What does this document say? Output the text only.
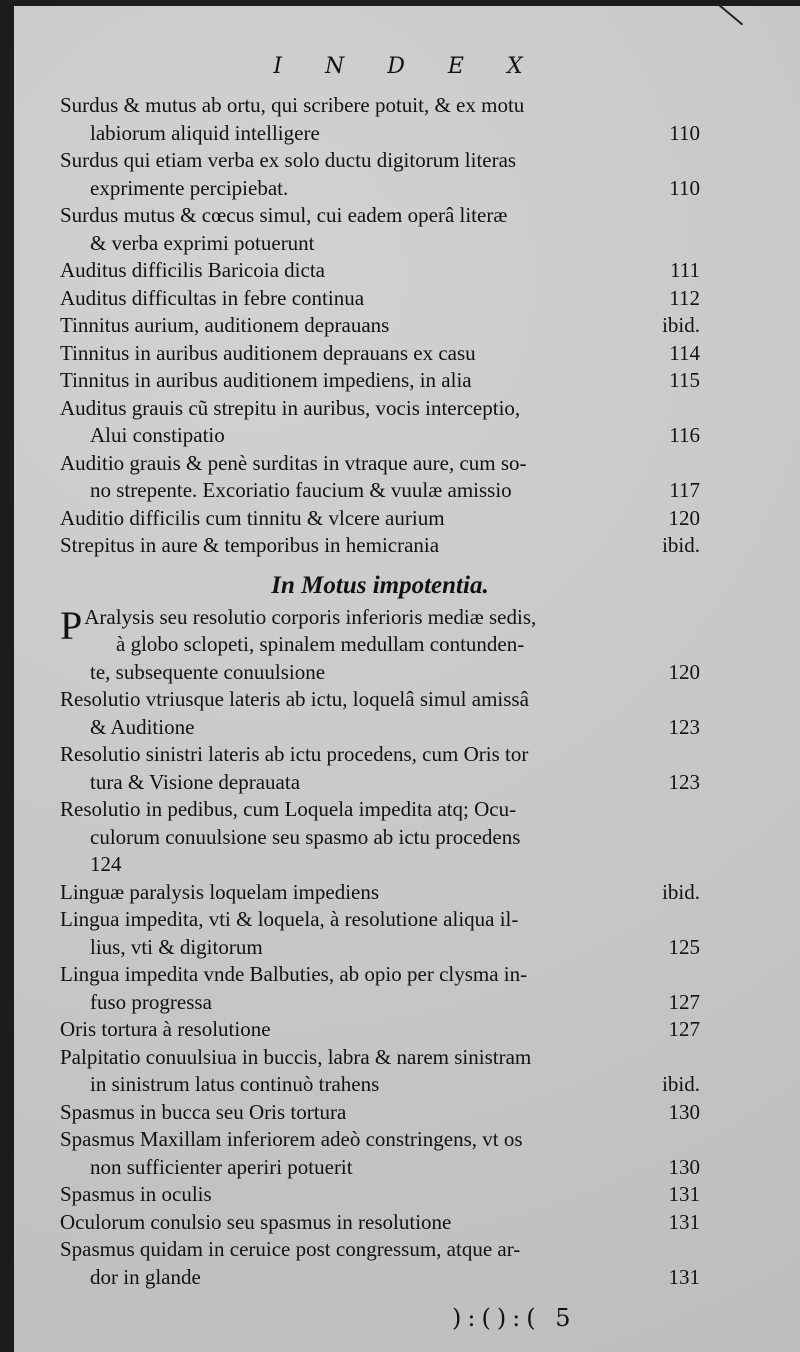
I N D E X
Surdus & mutus ab ortu, qui scribere potuit, & ex motu
labiorum aliquid intelligere	110
Surdus qui etiam verba ex solo ductu digitorum literas
exprimente percipiebat.	110
Surdus mutus & cœcus simul, cui eadem operâ literæ
& verba exprimi potuerunt
Auditus difficilis Baricoia dicta	111
Auditus difficultas in febre continua	112
Tinnitus aurium, auditionem deprauans	ibid.
Tinnitus in auribus auditionem deprauans ex casu	114
Tinnitus in auribus auditionem impediens, in alia	115
Auditus grauis cũ strepitu in auribus, vocis interceptio,
Alui constipatio	116
Auditio grauis & penè surditas in vtraque aure, cum so-
no strepente. Excoriatio faucium & vuulæ amissio	117
Auditio difficilis cum tinnitu & vlcere aurium	120
Strepitus in aure & temporibus in hemicrania	ibid.
In Motus impotentia.
P Aralysis seu resolutio corporis inferioris mediæ sedis,
à globo sclopeti, spinalem medullam contunden-
te, subsequente conuulsione	120
Resolutio vtriusque lateris ab ictu, loquelâ simul amissâ
& Auditione	123
Resolutio sinistri lateris ab ictu procedens, cum Oris tor
tura & Visione deprauata	123
Resolutio in pedibus, cum Loquela impedita atq; Ocu-
culorum conuulsione seu spasmo ab ictu procedens
124
Linguæ paralysis loquelam impediens	ibid.
Lingua impedita, vti & loquela, à resolutione aliqua il-
lius, vti & digitorum	125
Lingua impedita vnde Balbuties, ab opio per clysma in-
fuso progressa	127
Oris tortura à resolutione	127
Palpitatio conuulsiua in buccis, labra & narem sinistram
in sinistrum latus continuò trahens	ibid.
Spasmus in bucca seu Oris tortura	130
Spasmus Maxillam inferiorem adeò constringens, vt os
non sufficienter aperiri potuerit	130
Spasmus in oculis	131
Oculorum conulsio seu spasmus in resolutione	131
Spasmus quidam in ceruice post congressum, atque ar-
dor in glande	131
):():( 5
